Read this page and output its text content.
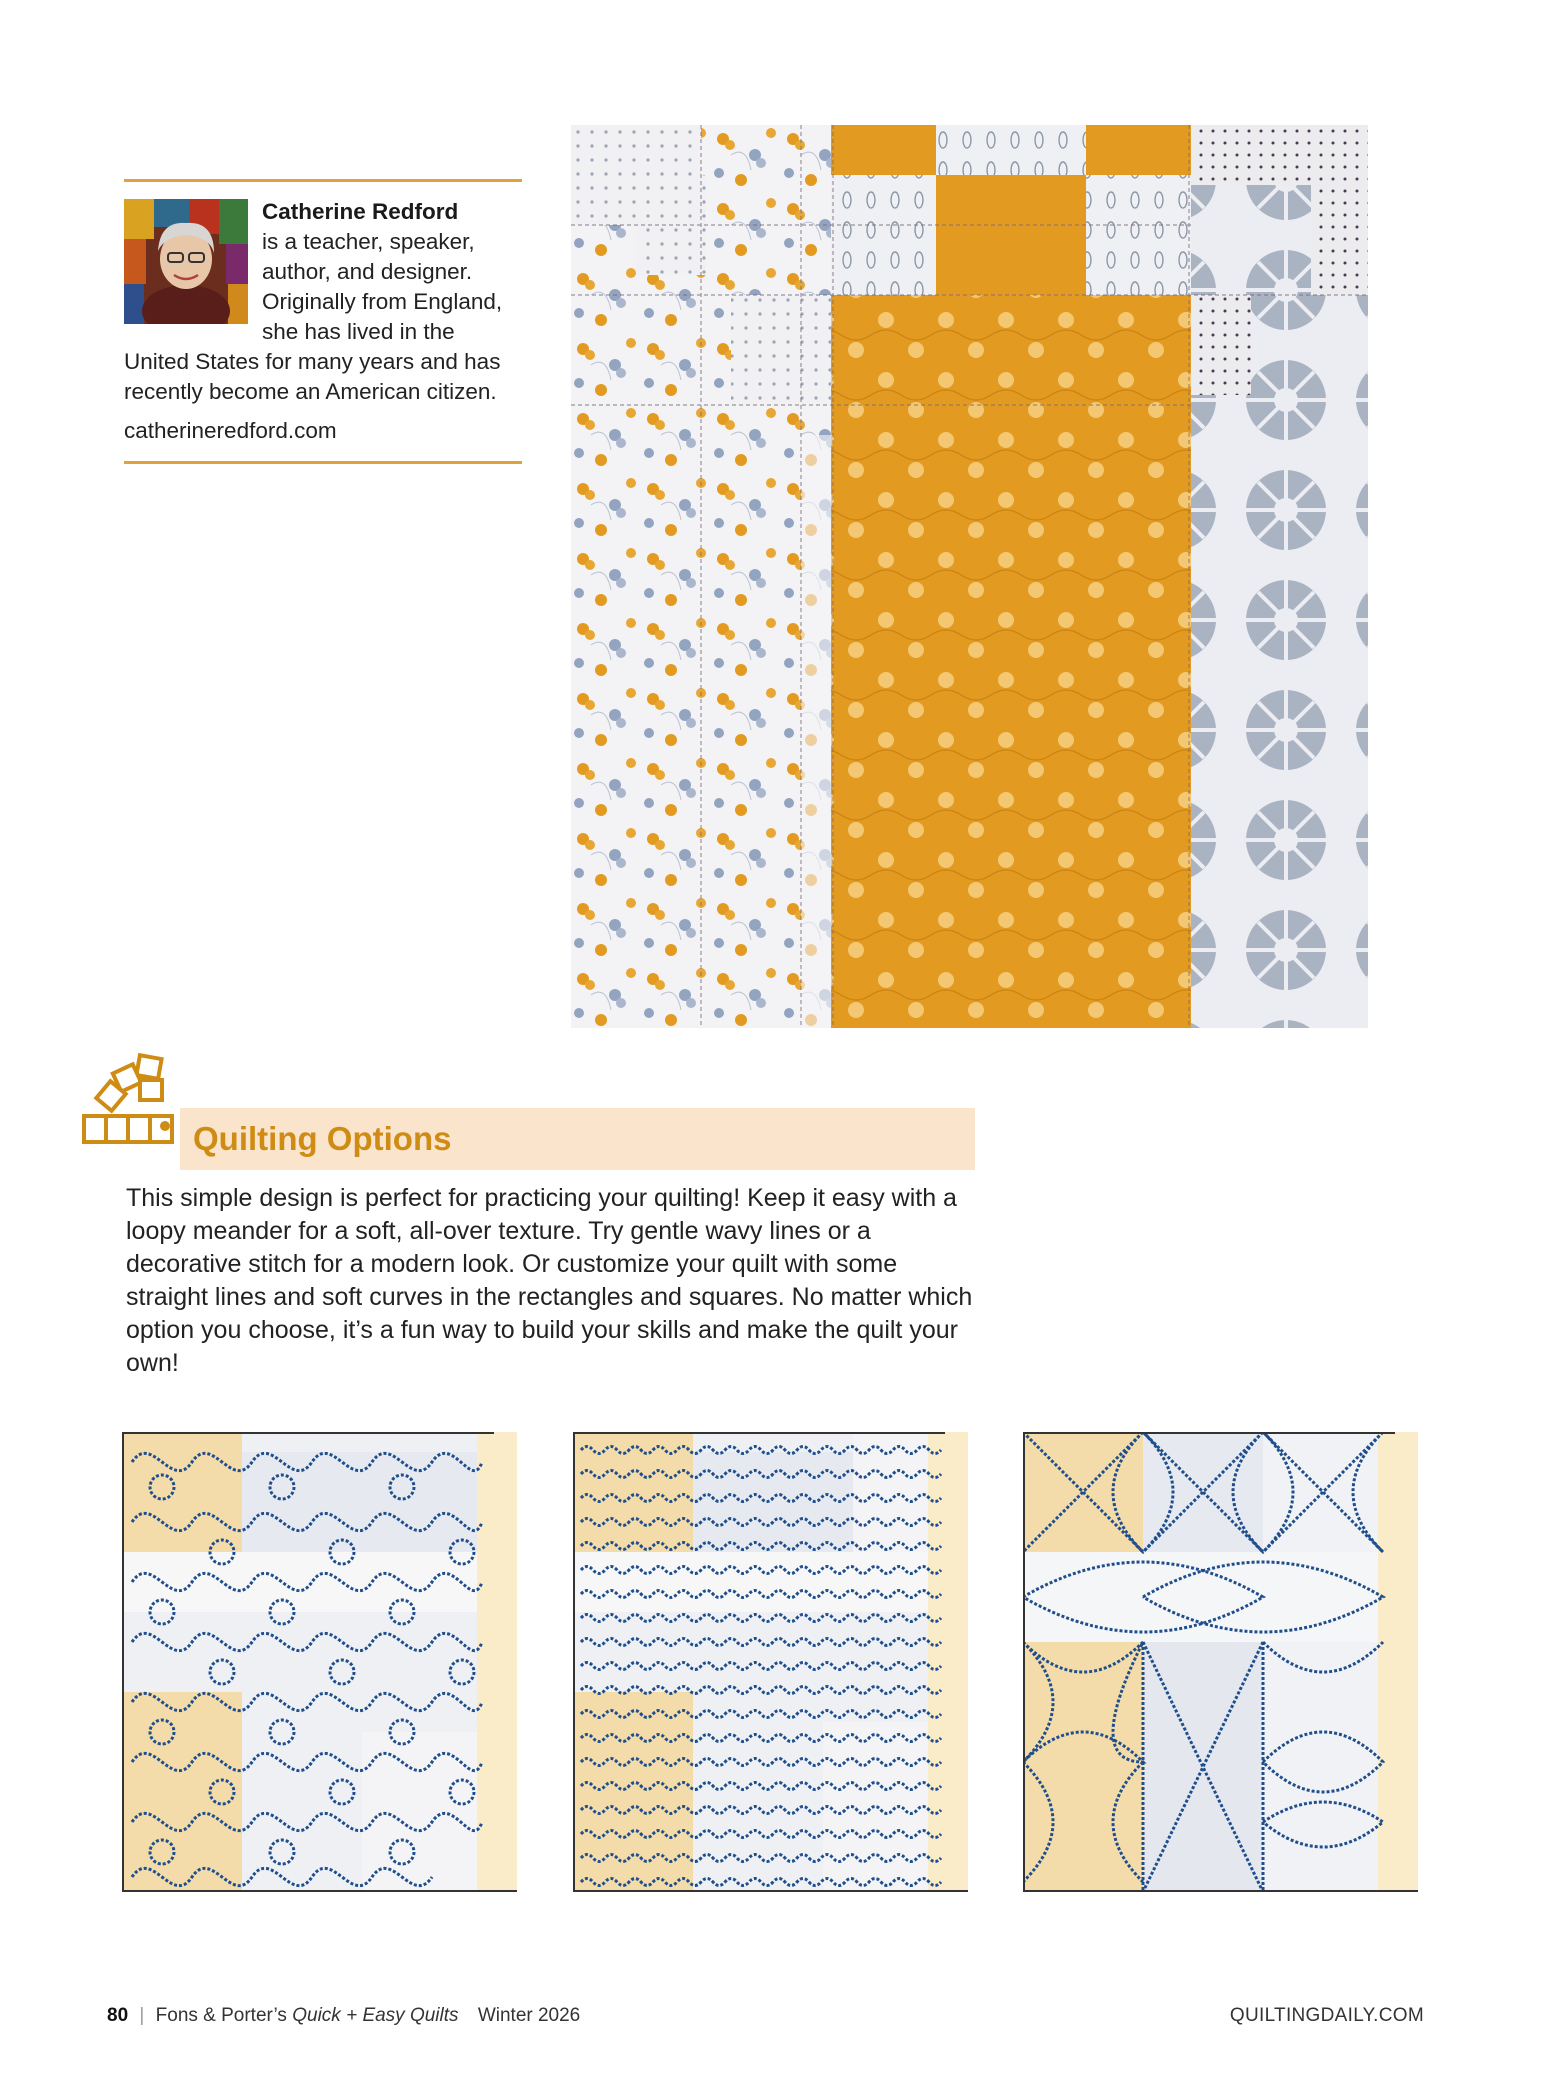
Catherine Redford
is a teacher, speaker,
author, and designer.
Originally from England,
she has lived in the
United States for many years and has
recently become an American citizen.
catherineredford.com
Quilting Options
This simple design is perfect for practicing your quilting! Keep it easy with a loopy meander for a soft, all-over texture. Try gentle wavy lines or a decorative stitch for a modern look. Or customize your quilt with some straight lines and soft curves in the rectangles and squares. No matter which option you choose, it’s a fun way to build your skills and make the quilt your own!
80 | Fons & Porter’s Quick + Easy Quilts Winter 2026	QUILTINGDAILY.COM
